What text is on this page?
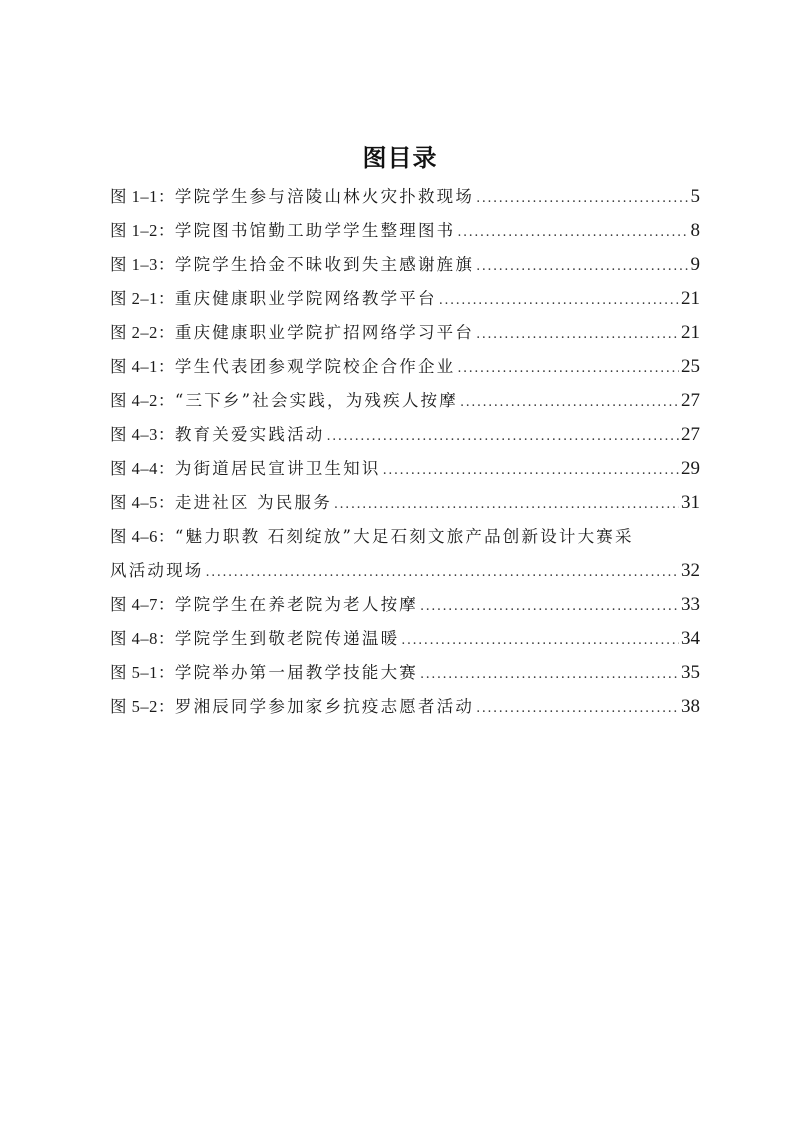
图目录
图 1–1：学院学生参与涪陵山林火灾扑救现场 .....	5
图 1–2：学院图书馆勤工助学学生整理图书 .....	8
图 1–3：学院学生拾金不昧收到失主感谢旌旗 .....	9
图 2–1：重庆健康职业学院网络教学平台 .....	21
图 2–2：重庆健康职业学院扩招网络学习平台 .....	21
图 4–1：学生代表团参观学院校企合作企业 .....	25
图 4–2：“三下乡”社会实践，为残疾人按摩 .....	27
图 4–3：教育关爱实践活动 .....	27
图 4–4：为街道居民宣讲卫生知识 .....	29
图 4–5：走进社区 为民服务 .....	31
图 4–6：“魅力职教 石刻绽放”大足石刻文旅产品创新设计大赛采
风活动现场 .....	32
图 4–7：学院学生在养老院为老人按摩 .....	33
图 4–8：学院学生到敬老院传递温暖 .....	34
图 5–1：学院举办第一届教学技能大赛 .....	35
图 5–2：罗湘辰同学参加家乡抗疫志愿者活动 .....	38
